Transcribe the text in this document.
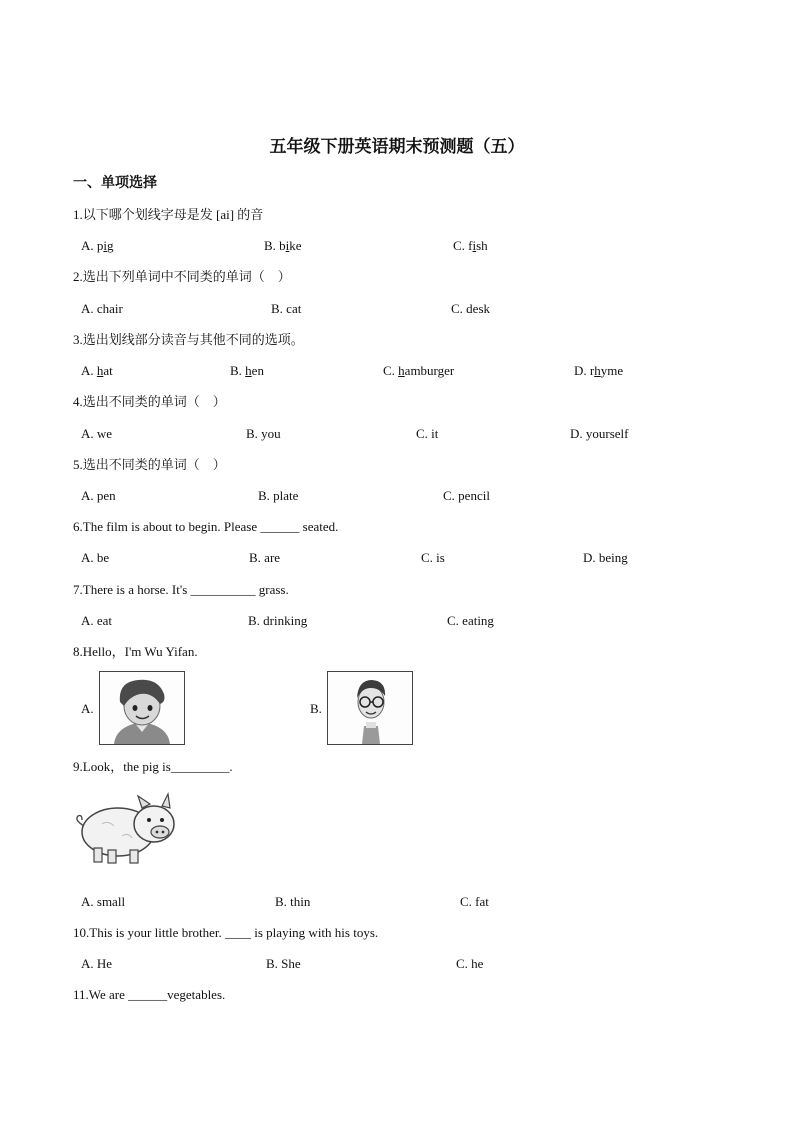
五年级下册英语期末预测题（五）
一、单项选择
1.以下哪个划线字母是发 [ai] 的音
A. pig	B. bike	C. fish
2.选出下列单词中不同类的单词（　）
A. chair	B. cat	C. desk
3.选出划线部分读音与其他不同的选项。
A. hat	B. hen	C. hamburger	D. rhyme
4.选出不同类的单词（　）
A. we	B. you	C. it	D. yourself
5.选出不同类的单词（　）
A. pen	B. plate	C. pencil
6.The film is about to begin. Please ______ seated.
A. be	B. are	C. is	D. being
7.There is a horse. It's __________ grass.
A. eat	B. drinking	C. eating
8.Hello，I'm Wu Yifan.
A.	B.
9.Look，the pig is_________.
A. small	B. thin	C. fat
10.This is your little brother. ____ is playing with his toys.
A. He	B. She	C. he
11.We are ______vegetables.
